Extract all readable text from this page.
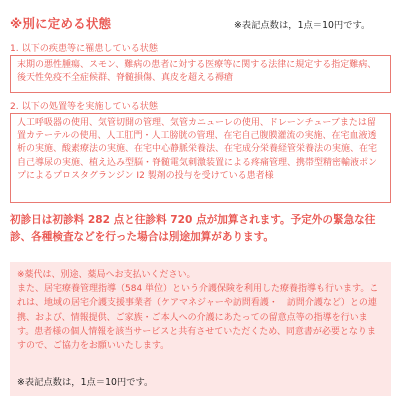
※別に定める状態	※表記点数は，1点＝10円です。
1. 以下の疾患等に罹患している状態
末期の悪性腫瘍、スモン、難病の患者に対する医療等に関する法律に規定する指定難病、後天性免疫不全症候群、脊髄損傷、真皮を超える褥瘡
2. 以下の処置等を実施している状態
人工呼吸器の使用、気管切開の管理、気管カニューレの使用、ドレーンチューブまたは留置カテーテルの使用、人工肛門・人工膀胱の管理、在宅自己腹膜灌流の実施、在宅血液透析の実施、酸素療法の実施、在宅中心静脈栄養法、在宅成分栄養経管栄養法の実施、在宅自己導尿の実施、植え込み型脳・脊髄電気刺激装置による疼痛管理、携帯型精密輸液ポンプによるプロスタグランジン I2 製剤の投与を受けている患者様
初診日は初診料 282 点と往診料 720 点が加算されます。予定外の緊急な往診、各種検査などを行った場合は別途加算があります。
※薬代は、別途、薬局へお支払いください。
また、居宅療養管理指導（584 単位）という介護保険を利用した療養指導も行います。これは、地域の居宅介護支援事業者（ケアマネジャーや訪問看護・　訪問介護など）との連携、および、情報提供、ご家族・ご本人への介護にあたっての留意点等の指導を行います。患者様の個人情報を該当サービスと共有させていただくため、同意書が必要となりますので、ご協力をお願いいたします。
※表記点数は，1点＝10円です。
